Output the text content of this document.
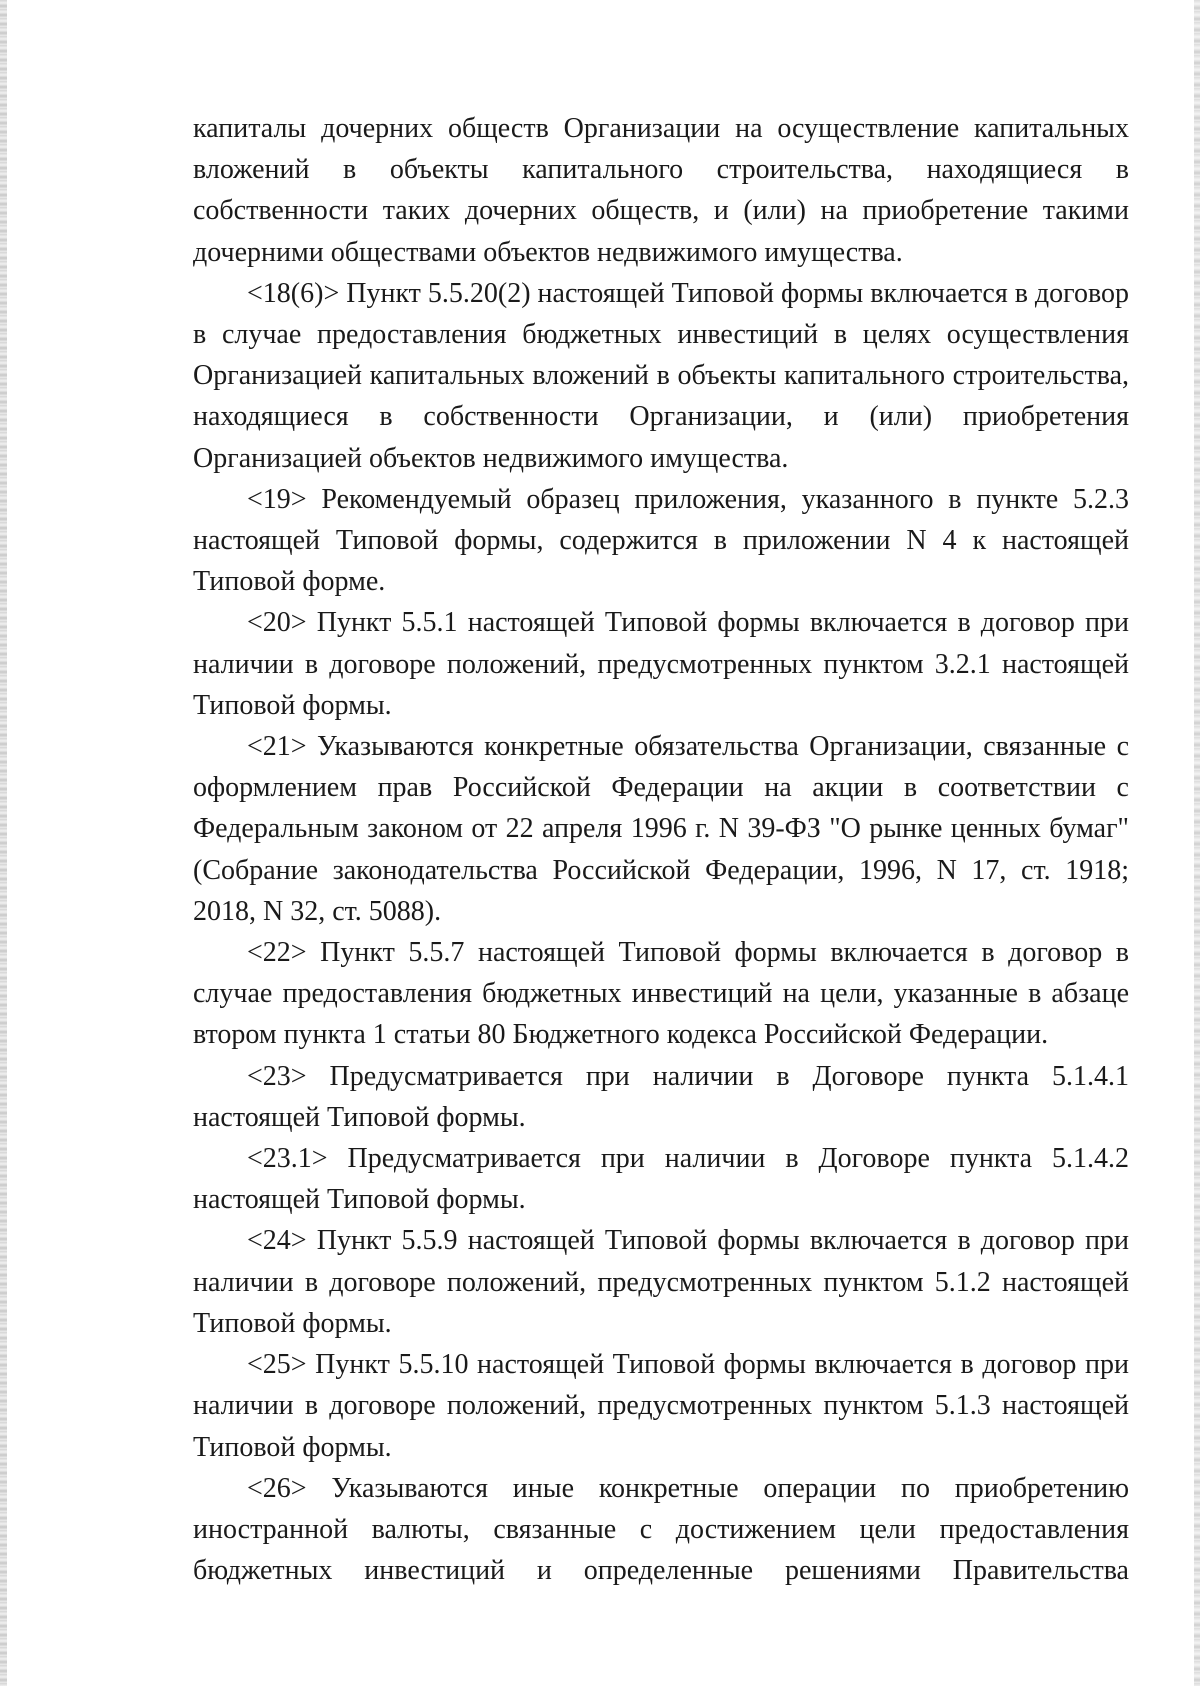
капиталы дочерних обществ Организации на осуществление капитальных вложений в объекты капитального строительства, находящиеся в собственности таких дочерних обществ, и (или) на приобретение такими дочерними обществами объектов недвижимого имущества.

<18(6)> Пункт 5.5.20(2) настоящей Типовой формы включается в договор в случае предоставления бюджетных инвестиций в целях осуществления Организацией капитальных вложений в объекты капитального строительства, находящиеся в собственности Организации, и (или) приобретения Организацией объектов недвижимого имущества.

<19> Рекомендуемый образец приложения, указанного в пункте 5.2.3 настоящей Типовой формы, содержится в приложении N 4 к настоящей Типовой форме.

<20> Пункт 5.5.1 настоящей Типовой формы включается в договор при наличии в договоре положений, предусмотренных пунктом 3.2.1 настоящей Типовой формы.

<21> Указываются конкретные обязательства Организации, связанные с оформлением прав Российской Федерации на акции в соответствии с Федеральным законом от 22 апреля 1996 г. N 39-ФЗ "О рынке ценных бумаг" (Собрание законодательства Российской Федерации, 1996, N 17, ст. 1918; 2018, N 32, ст. 5088).

<22> Пункт 5.5.7 настоящей Типовой формы включается в договор в случае предоставления бюджетных инвестиций на цели, указанные в абзаце втором пункта 1 статьи 80 Бюджетного кодекса Российской Федерации.

<23> Предусматривается при наличии в Договоре пункта 5.1.4.1 настоящей Типовой формы.

<23.1> Предусматривается при наличии в Договоре пункта 5.1.4.2 настоящей Типовой формы.

<24> Пункт 5.5.9 настоящей Типовой формы включается в договор при наличии в договоре положений, предусмотренных пунктом 5.1.2 настоящей Типовой формы.

<25> Пункт 5.5.10 настоящей Типовой формы включается в договор при наличии в договоре положений, предусмотренных пунктом 5.1.3 настоящей Типовой формы.

<26> Указываются иные конкретные операции по приобретению иностранной валюты, связанные с достижением цели предоставления бюджетных инвестиций и определенные решениями Правительства
